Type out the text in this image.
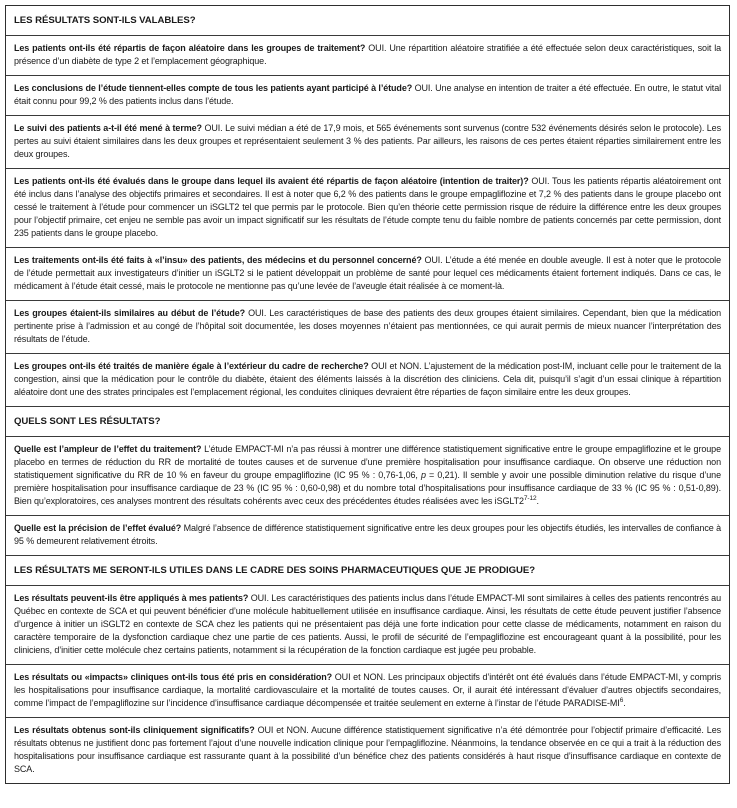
LES RÉSULTATS SONT-ILS VALABLES?

Les patients ont-ils été répartis de façon aléatoire dans les groupes de traitement? OUI. Une répartition aléatoire stratifiée a été effectuée selon deux caractéristiques, soit la présence d’un diabète de type 2 et l’emplacement géographique.

Les conclusions de l’étude tiennent-elles compte de tous les patients ayant participé à l’étude? OUI. Une analyse en intention de traiter a été effectuée. En outre, le statut vital était connu pour 99,2 % des patients inclus dans l’étude.

Le suivi des patients a-t-il été mené à terme? OUI. Le suivi médian a été de 17,9 mois, et 565 événements sont survenus (contre 532 événements désirés selon le protocole). Les pertes au suivi étaient similaires dans les deux groupes et représentaient seulement 3 % des patients. Par ailleurs, les raisons de ces pertes étaient réparties similairement entre les deux groupes.

Les patients ont-ils été évalués dans le groupe dans lequel ils avaient été répartis de façon aléatoire (intention de traiter)? OUI. Tous les patients répartis aléatoirement ont été inclus dans l’analyse des objectifs primaires et secondaires. Il est à noter que 6,2 % des patients dans le groupe empagliflozine et 7,2 % des patients dans le groupe placebo ont cessé le traitement à l’étude pour commencer un iSGLT2 tel que permis par le protocole. Bien qu’en théorie cette permission risque de réduire la différence entre les deux groupes pour l’objectif primaire, cet enjeu ne semble pas avoir un impact significatif sur les résultats de l’étude compte tenu du faible nombre de patients concernés par cette permission, dont 235 patients dans le groupe placebo.

Les traitements ont-ils été faits à «l’insu» des patients, des médecins et du personnel concerné? OUI. L’étude a été menée en double aveugle. Il est à noter que le protocole de l’étude permettait aux investigateurs d’initier un iSGLT2 si le patient développait un problème de santé pour lequel ces médicaments étaient fortement indiqués. Dans ce cas, le médicament à l’étude était cessé, mais le protocole ne mentionne pas qu’une levée de l’aveugle était réalisée à ce moment-là.

Les groupes étaient-ils similaires au début de l’étude? OUI. Les caractéristiques de base des patients des deux groupes étaient similaires. Cependant, bien que la médication pertinente prise à l’admission et au congé de l’hôpital soit documentée, les doses moyennes n’étaient pas mentionnées, ce qui aurait permis de mieux nuancer l’interprétation des résultats de l’étude.

Les groupes ont-ils été traités de manière égale à l’extérieur du cadre de recherche? OUI et NON. L’ajustement de la médication post-IM, incluant celle pour le traitement de la congestion, ainsi que la médication pour le contrôle du diabète, étaient des éléments laissés à la discrétion des cliniciens. Cela dit, puisqu’il s’agit d’un essai clinique à répartition aléatoire dont une des strates principales est l’emplacement régional, les conduites cliniques devraient être réparties de façon similaire entre les deux groupes.

QUELS SONT LES RÉSULTATS?

Quelle est l’ampleur de l’effet du traitement? L’étude EMPACT-MI n’a pas réussi à montrer une différence statistiquement significative entre le groupe empagliflozine et le groupe placebo en termes de réduction du RR de mortalité de toutes causes et de survenue d’une première hospitalisation pour insuffisance cardiaque. On observe une réduction non statistiquement significative du RR de 10 % en faveur du groupe empagliflozine (IC 95 % : 0,76-1,06, p = 0,21). Il semble y avoir une possible diminution relative du risque d’une première hospitalisation pour insuffisance cardiaque de 23 % (IC 95 % : 0,60-0,98) et du nombre total d’hospitalisations pour insuffisance cardiaque de 33 % (IC 95 % : 0,51-0,89). Bien qu’exploratoires, ces analyses montrent des résultats cohérents avec ceux des précédentes études réalisées avec les iSGLT2$^{7-12}$.

Quelle est la précision de l’effet évalué? Malgré l’absence de différence statistiquement significative entre les deux groupes pour les objectifs étudiés, les intervalles de confiance à 95 % demeurent relativement étroits.

LES RÉSULTATS ME SERONT-ILS UTILES DANS LE CADRE DES SOINS PHARMACEUTIQUES QUE JE PRODIGUE?

Les résultats peuvent-ils être appliqués à mes patients? OUI. Les caractéristiques des patients inclus dans l’étude EMPACT-MI sont similaires à celles des patients rencontrés au Québec en contexte de SCA et qui peuvent bénéficier d’une molécule habituellement utilisée en insuffisance cardiaque. Ainsi, les résultats de cette étude peuvent justifier l’absence d’urgence à initier un iSGLT2 en contexte de SCA chez les patients qui ne présentaient pas déjà une forte indication pour cette classe de médicaments, notamment en raison du caractère temporaire de la dysfonction cardiaque chez une partie de ces patients. Aussi, le profil de sécurité de l’empagliflozine est encourageant quant à la possibilité, pour les cliniciens, d’initier cette molécule chez certains patients, notamment si la récupération de la fonction cardiaque est jugée peu probable.

Les résultats ou «impacts» cliniques ont-ils tous été pris en considération? OUI et NON. Les principaux objectifs d’intérêt ont été évalués dans l’étude EMPACT-MI, y compris les hospitalisations pour insuffisance cardiaque, la mortalité cardiovasculaire et la mortalité de toutes causes. Or, il aurait été intéressant d’évaluer d’autres objectifs secondaires, comme l’impact de l’empagliflozine sur l’incidence d’insuffisance cardiaque décompensée et traitée seulement en externe à l’instar de l’étude PARADISE-$MI^6$.

Les résultats obtenus sont-ils cliniquement significatifs? OUI et NON. Aucune différence statistiquement significative n’a été démontrée pour l’objectif primaire d’efficacité. Les résultats obtenus ne justifient donc pas fortement l’ajout d’une nouvelle indication clinique pour l’empagliflozine. Néanmoins, la tendance observée en ce qui a trait à la réduction des hospitalisations pour insuffisance cardiaque est rassurante quant à la possibilité d’un bénéfice chez des patients considérés à haut risque d’insuffisance cardiaque en contexte de SCA.
